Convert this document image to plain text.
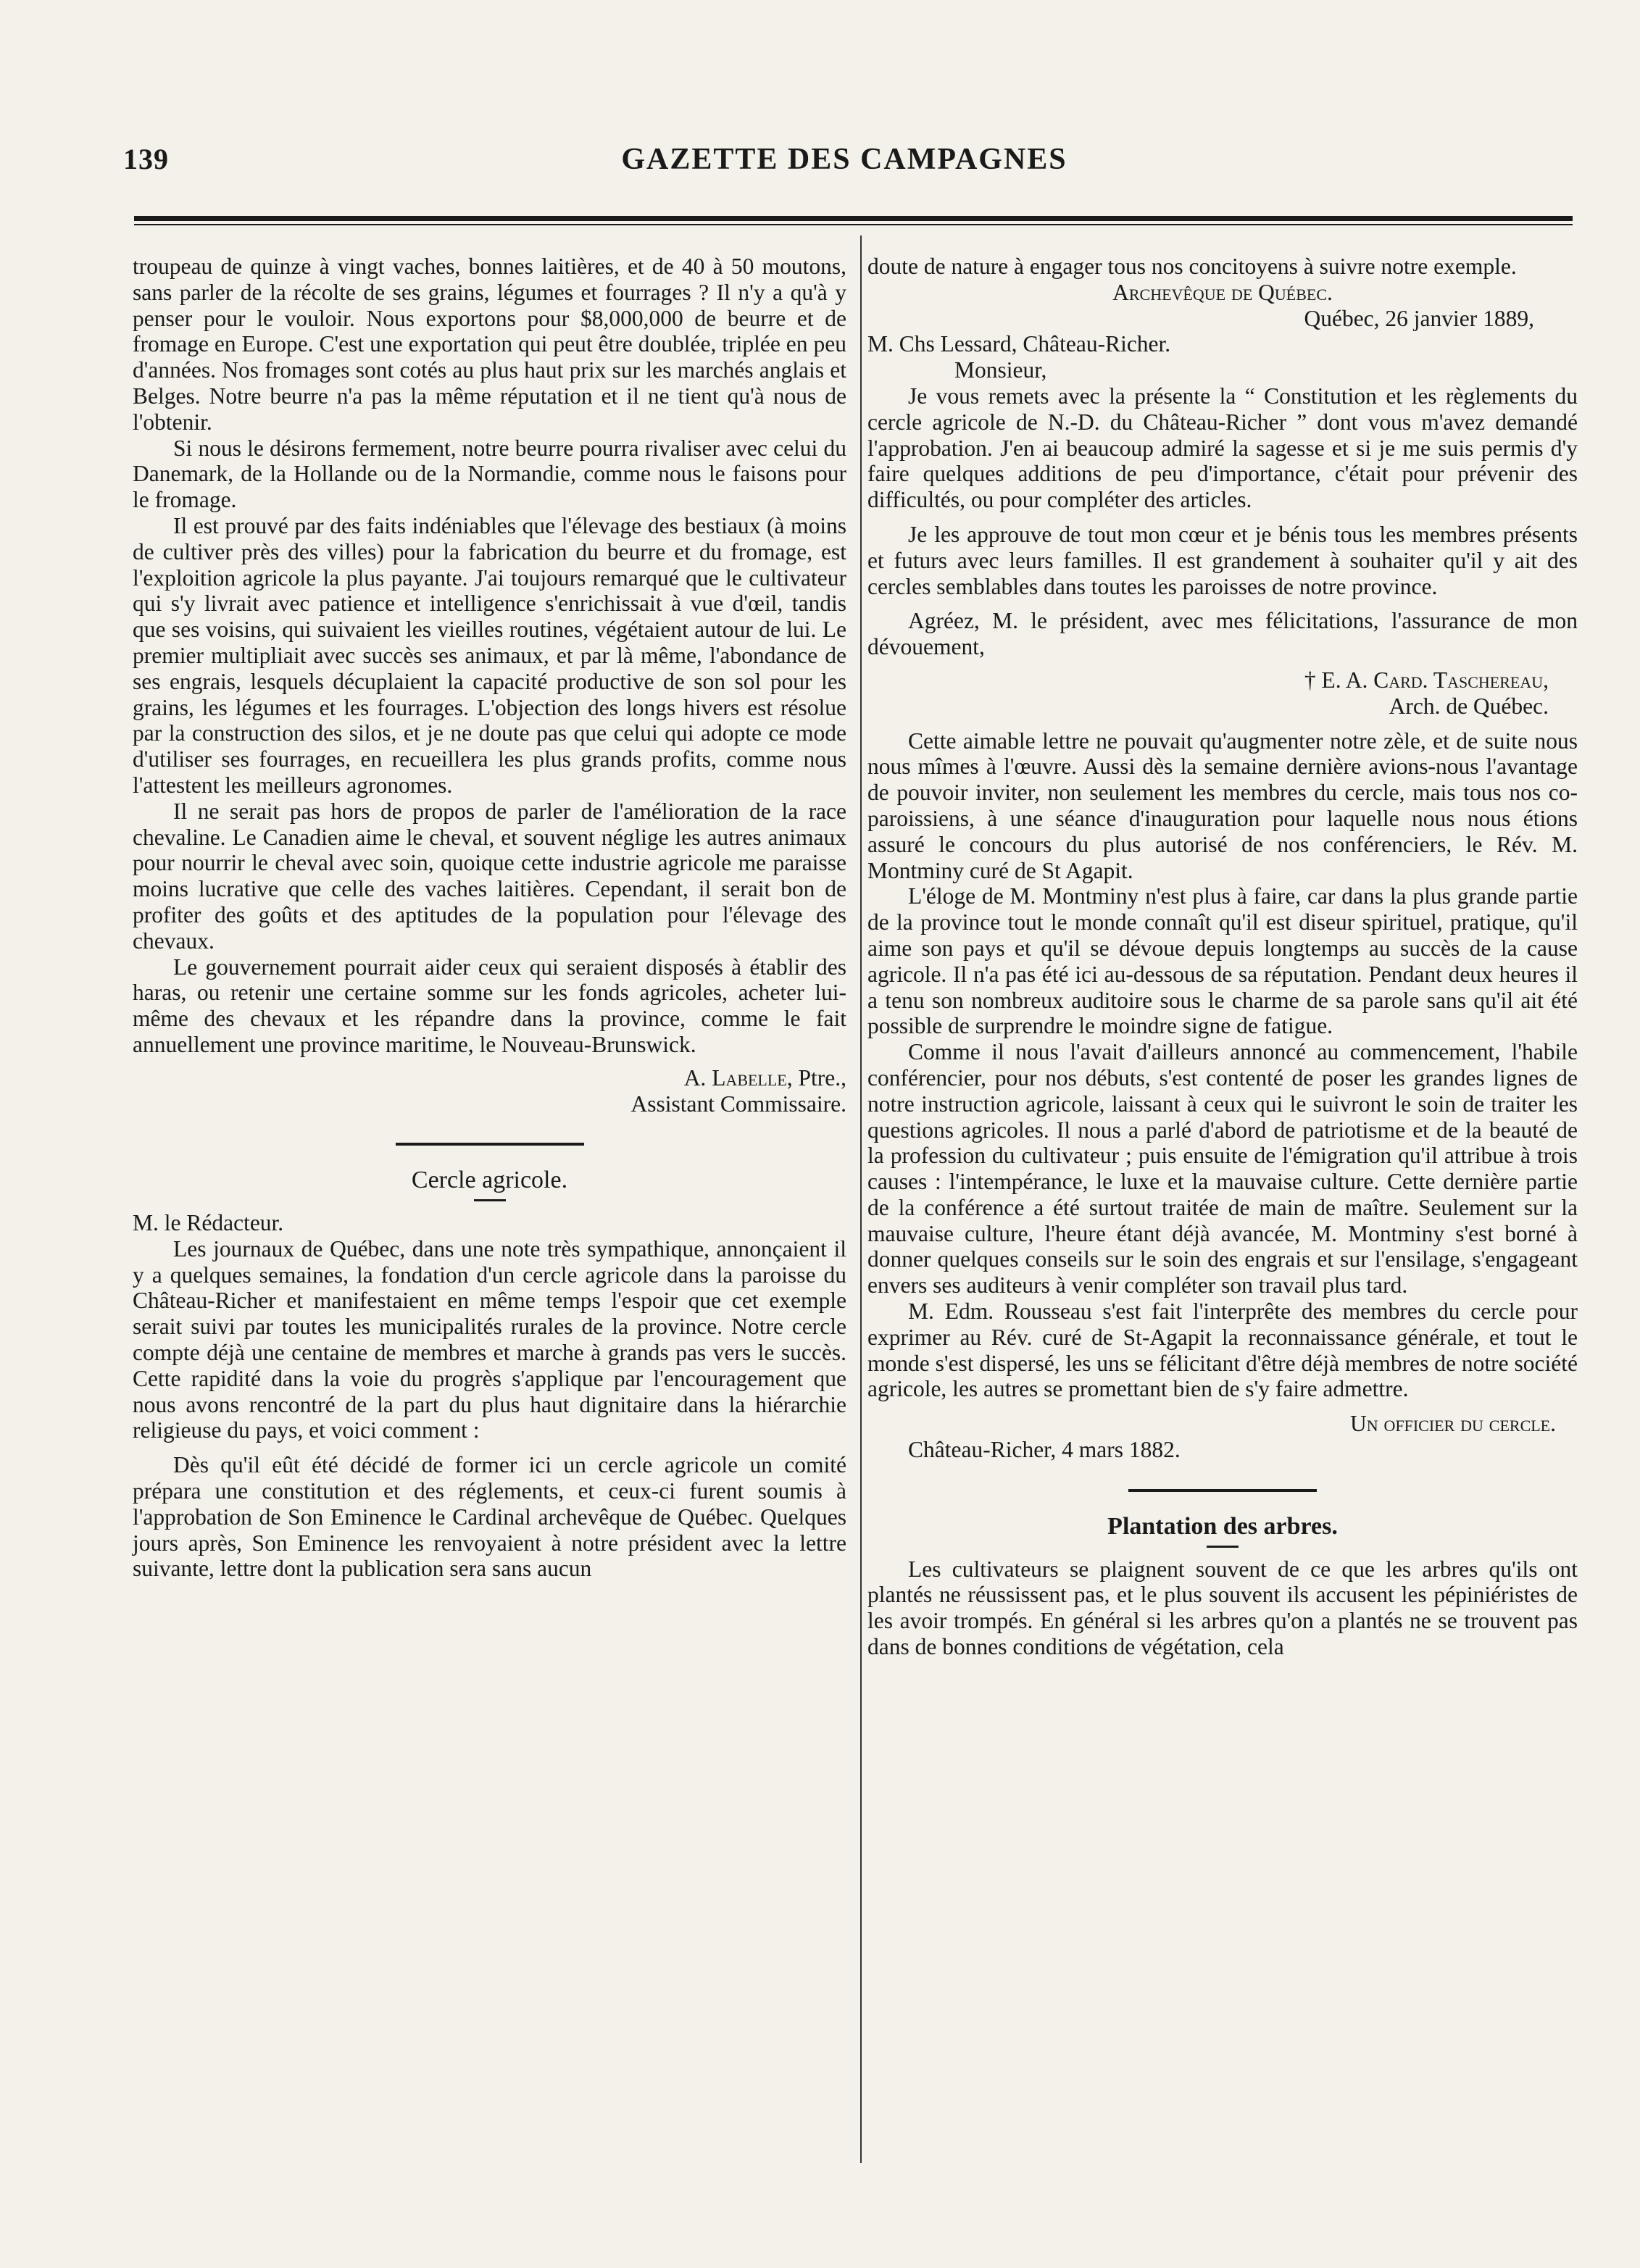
139	GAZETTE DES CAMPAGNES

troupeau de quinze à vingt vaches, bonnes laitières, et de 40 à 50 moutons, sans parler de la récolte de ses grains, légumes et fourrages ? Il n'y a qu'à y penser pour le vouloir. Nous exportons pour $8,000,000 de beurre et de fromage en Europe. C'est une exportation qui peut être doublée, triplée en peu d'années. Nos fromages sont cotés au plus haut prix sur les marchés anglais et Belges. Notre beurre n'a pas la même réputation et il ne tient qu'à nous de l'obtenir.

Si nous le désirons fermement, notre beurre pourra rivaliser avec celui du Danemark, de la Hollande ou de la Normandie, comme nous le faisons pour le fromage.

Il est prouvé par des faits indéniables que l'élevage des bestiaux (à moins de cultiver près des villes) pour la fabrication du beurre et du fromage, est l'exploition agricole la plus payante. J'ai toujours remarqué que le cultivateur qui s'y livrait avec patience et intelligence s'enrichissait à vue d'œil, tandis que ses voisins, qui suivaient les vieilles routines, végétaient autour de lui. Le premier multipliait avec succès ses animaux, et par là même, l'abondance de ses engrais, lesquels décuplaient la capacité productive de son sol pour les grains, les légumes et les fourrages. L'objection des longs hivers est résolue par la construction des silos, et je ne doute pas que celui qui adopte ce mode d'utiliser ses fourrages, en recueillera les plus grands profits, comme nous l'attestent les meilleurs agronomes.

Il ne serait pas hors de propos de parler de l'amélioration de la race chevaline. Le Canadien aime le cheval, et souvent néglige les autres animaux pour nourrir le cheval avec soin, quoique cette industrie agricole me paraisse moins lucrative que celle des vaches laitières. Cependant, il serait bon de profiter des goûts et des aptitudes de la population pour l'élevage des chevaux.

Le gouvernement pourrait aider ceux qui seraient disposés à établir des haras, ou retenir une certaine somme sur les fonds agricoles, acheter lui-même des chevaux et les répandre dans la province, comme le fait annuellement une province maritime, le Nouveau-Brunswick.

A. Labelle, Ptre.,
Assistant Commissaire.

Cercle agricole.

M. le Rédacteur.

Les journaux de Québec, dans une note très sympathique, annonçaient il y a quelques semaines, la fondation d'un cercle agricole dans la paroisse du Château-Richer et manifestaient en même temps l'espoir que cet exemple serait suivi par toutes les municipalités rurales de la province. Notre cercle compte déjà une centaine de membres et marche à grands pas vers le succès. Cette rapidité dans la voie du progrès s'applique par l'encouragement que nous avons rencontré de la part du plus haut dignitaire dans la hiérarchie religieuse du pays, et voici comment :

Dès qu'il eût été décidé de former ici un cercle agricole un comité prépara une constitution et des réglements, et ceux-ci furent soumis à l'approbation de Son Eminence le Cardinal archevêque de Québec. Quelques jours après, Son Eminence les renvoyaient à notre président avec la lettre suivante, lettre dont la publication sera sans aucun

doute de nature à engager tous nos concitoyens à suivre notre exemple.

Archevêque de Québec.

Québec, 26 janvier 1889,

M. Chs Lessard, Château-Richer.

Monsieur,

Je vous remets avec la présente la “ Constitution et les règlements du cercle agricole de N.-D. du Château-Richer ” dont vous m'avez demandé l'approbation. J'en ai beaucoup admiré la sagesse et si je me suis permis d'y faire quelques additions de peu d'importance, c'était pour prévenir des difficultés, ou pour compléter des articles.

Je les approuve de tout mon cœur et je bénis tous les membres présents et futurs avec leurs familles. Il est grandement à souhaiter qu'il y ait des cercles semblables dans toutes les paroisses de notre province.

Agréez, M. le président, avec mes félicitations, l'assurance de mon dévouement,

† E. A. Card. Taschereau,
Arch. de Québec.

Cette aimable lettre ne pouvait qu'augmenter notre zèle, et de suite nous nous mîmes à l'œuvre. Aussi dès la semaine dernière avions-nous l'avantage de pouvoir inviter, non seulement les membres du cercle, mais tous nos co-paroissiens, à une séance d'inauguration pour laquelle nous nous étions assuré le concours du plus autorisé de nos conférenciers, le Rév. M. Montminy curé de St Agapit.

L'éloge de M. Montminy n'est plus à faire, car dans la plus grande partie de la province tout le monde connaît qu'il est diseur spirituel, pratique, qu'il aime son pays et qu'il se dévoue depuis longtemps au succès de la cause agricole. Il n'a pas été ici au-dessous de sa réputation. Pendant deux heures il a tenu son nombreux auditoire sous le charme de sa parole sans qu'il ait été possible de surprendre le moindre signe de fatigue.

Comme il nous l'avait d'ailleurs annoncé au commencement, l'habile conférencier, pour nos débuts, s'est contenté de poser les grandes lignes de notre instruction agricole, laissant à ceux qui le suivront le soin de traiter les questions agricoles. Il nous a parlé d'abord de patriotisme et de la beauté de la profession du cultivateur ; puis ensuite de l'émigration qu'il attribue à trois causes : l'intempérance, le luxe et la mauvaise culture. Cette dernière partie de la conférence a été surtout traitée de main de maître. Seulement sur la mauvaise culture, l'heure étant déjà avancée, M. Montminy s'est borné à donner quelques conseils sur le soin des engrais et sur l'ensilage, s'engageant envers ses auditeurs à venir compléter son travail plus tard.

M. Edm. Rousseau s'est fait l'interprête des membres du cercle pour exprimer au Rév. curé de St-Agapit la reconnaissance générale, et tout le monde s'est dispersé, les uns se félicitant d'être déjà membres de notre société agricole, les autres se promettant bien de s'y faire admettre.

Un officier du cercle.

Château-Richer, 4 mars 1882.

Plantation des arbres.

Les cultivateurs se plaignent souvent de ce que les arbres qu'ils ont plantés ne réussissent pas, et le plus souvent ils accusent les pépiniéristes de les avoir trompés. En général si les arbres qu'on a plantés ne se trouvent pas dans de bonnes conditions de végétation, cela
